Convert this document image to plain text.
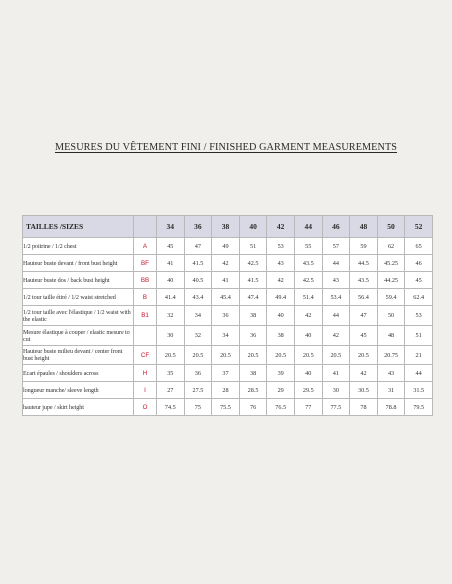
MESURES DU VÊTEMENT FINI / FINISHED GARMENT MEASUREMENTS
TAILLES /SIZES		34	36	38	40	42	44	46	48	50	52
1/2 poitrine / 1/2 chest	A	45	47	49	51	53	55	57	59	62	65
Hauteur buste devant / front bust height	BF	41	41.5	42	42.5	43	43.5	44	44.5	45.25	46
Hauteur buste dos / back bust height	BB	40	40.5	41	41.5	42	42.5	43	43.5	44.25	45
1/2 tour taille étiré / 1/2 waist stretched	B	41.4	43.4	45.4	47.4	49.4	51.4	53.4	56.4	59.4	62.4
1/2 tour taille avec l'élastique / 1/2 waist with the elastic	B1	32	34	36	38	40	42	44	47	50	53
Mesure élastique à couper / elastic mesure to cut		30	32	34	36	38	40	42	45	48	51
Hauteur buste milieu devant / center front bust height	CF	20.5	20.5	20.5	20.5	20.5	20.5	20.5	20.5	20.75	21
Ecart épaules / shoulders across	H	35	36	37	38	39	40	41	42	43	44
longueur manche/ sleeve length	I	27	27.5	28	28.5	29	29.5	30	30.5	31	31.5
hauteur jupe / skirt height	O	74.5	75	75.5	76	76.5	77	77.5	78	78.8	79.5
